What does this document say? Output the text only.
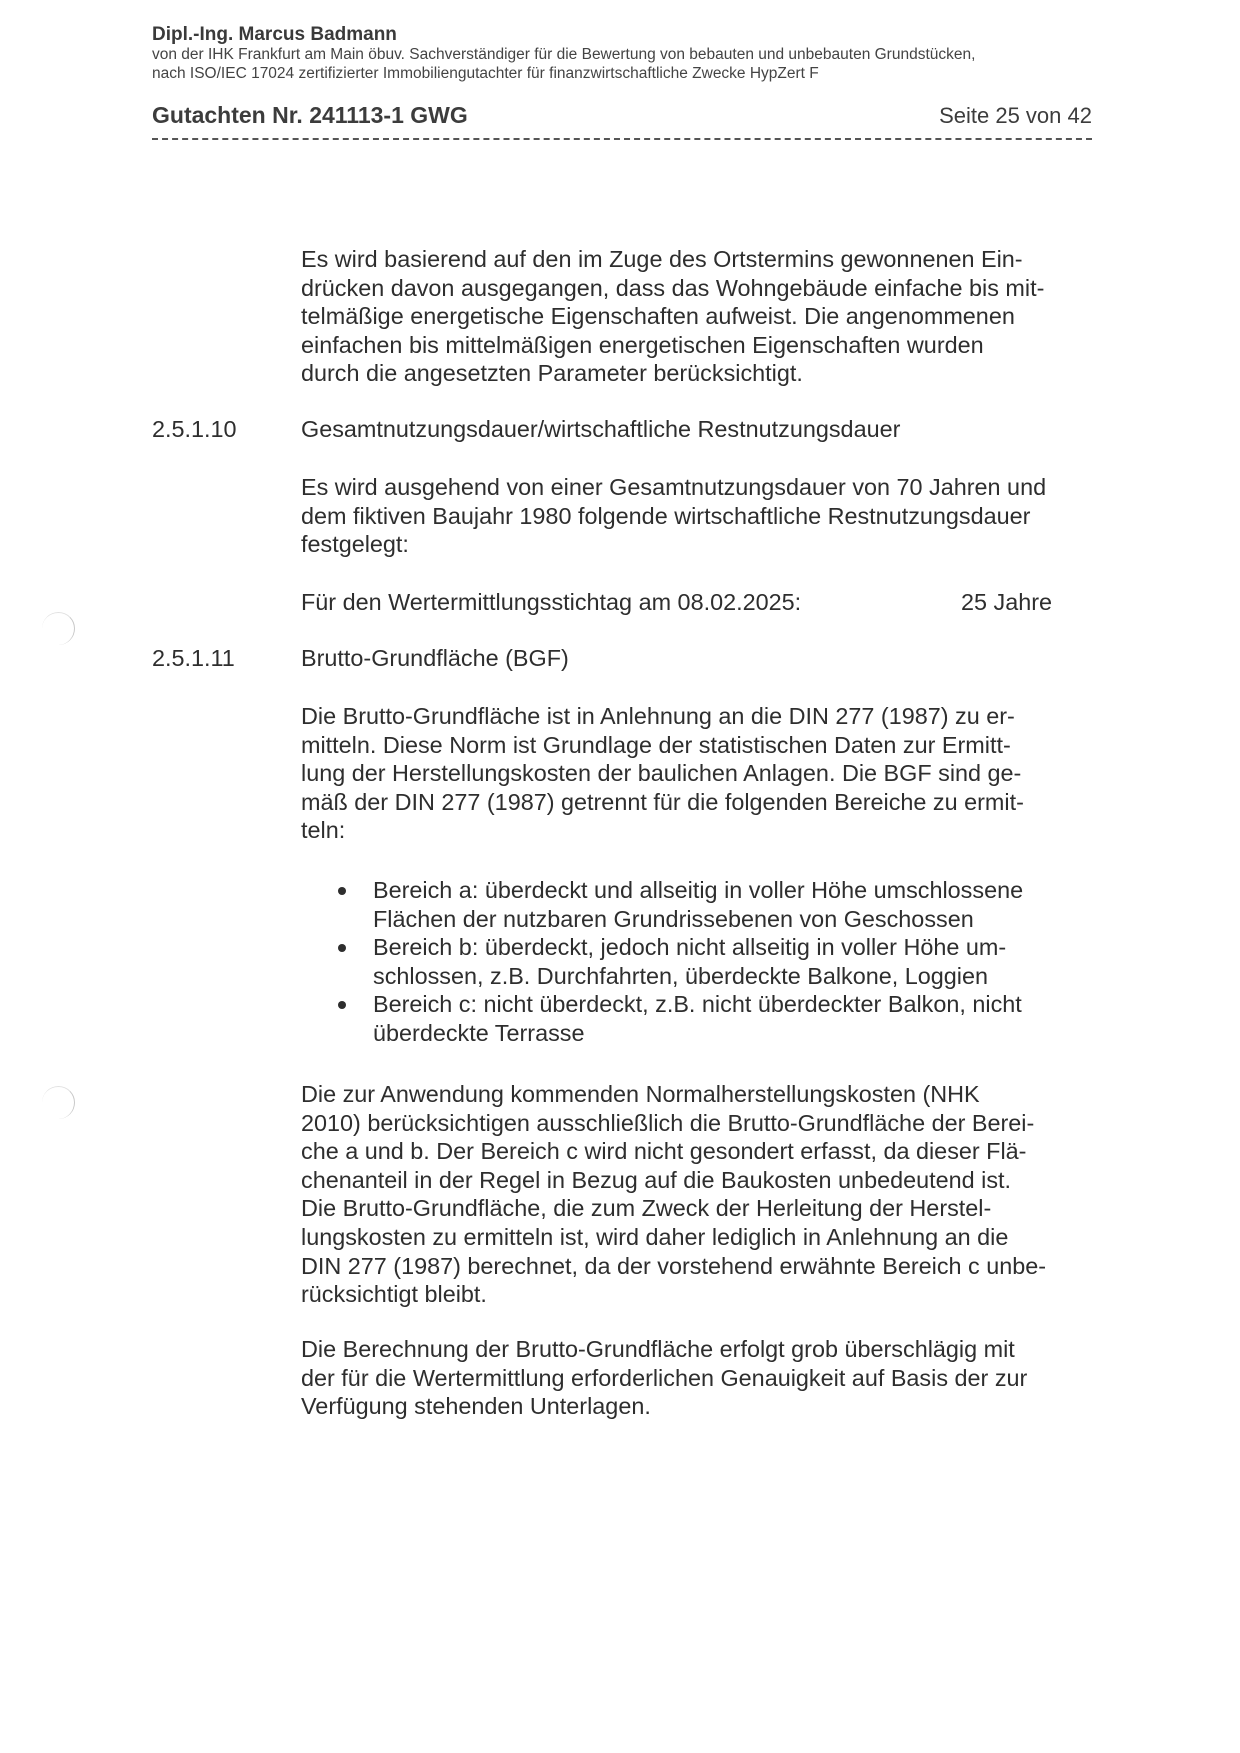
Dipl.-Ing. Marcus Badmann
von der IHK Frankfurt am Main öbuv. Sachverständiger für die Bewertung von bebauten und unbebauten Grundstücken,
nach ISO/IEC 17024 zertifizierter Immobiliengutachter für finanzwirtschaftliche Zwecke HypZert F
Gutachten Nr. 241113-1 GWG	Seite 25 von 42
Es wird basierend auf den im Zuge des Ortstermins gewonnenen Ein-
drücken davon ausgegangen, dass das Wohngebäude einfache bis mit-
telmäßige energetische Eigenschaften aufweist. Die angenommenen
einfachen bis mittelmäßigen energetischen Eigenschaften wurden
durch die angesetzten Parameter berücksichtigt.
2.5.1.10	Gesamtnutzungsdauer/wirtschaftliche Restnutzungsdauer
Es wird ausgehend von einer Gesamtnutzungsdauer von 70 Jahren und
dem fiktiven Baujahr 1980 folgende wirtschaftliche Restnutzungsdauer
festgelegt:
Für den Wertermittlungsstichtag am 08.02.2025:	25 Jahre
2.5.1.11	Brutto-Grundfläche (BGF)
Die Brutto-Grundfläche ist in Anlehnung an die DIN 277 (1987) zu er-
mitteln. Diese Norm ist Grundlage der statistischen Daten zur Ermitt-
lung der Herstellungskosten der baulichen Anlagen. Die BGF sind ge-
mäß der DIN 277 (1987) getrennt für die folgenden Bereiche zu ermit-
teln:
Bereich a: überdeckt und allseitig in voller Höhe umschlossene
Flächen der nutzbaren Grundrissebenen von Geschossen
Bereich b: überdeckt, jedoch nicht allseitig in voller Höhe um-
schlossen, z.B. Durchfahrten, überdeckte Balkone, Loggien
Bereich c: nicht überdeckt, z.B. nicht überdeckter Balkon, nicht
überdeckte Terrasse
Die zur Anwendung kommenden Normalherstellungskosten (NHK
2010) berücksichtigen ausschließlich die Brutto-Grundfläche der Berei-
che a und b. Der Bereich c wird nicht gesondert erfasst, da dieser Flä-
chenanteil in der Regel in Bezug auf die Baukosten unbedeutend ist.
Die Brutto-Grundfläche, die zum Zweck der Herleitung der Herstel-
lungskosten zu ermitteln ist, wird daher lediglich in Anlehnung an die
DIN 277 (1987) berechnet, da der vorstehend erwähnte Bereich c unbe-
rücksichtigt bleibt.
Die Berechnung der Brutto-Grundfläche erfolgt grob überschlägig mit
der für die Wertermittlung erforderlichen Genauigkeit auf Basis der zur
Verfügung stehenden Unterlagen.
